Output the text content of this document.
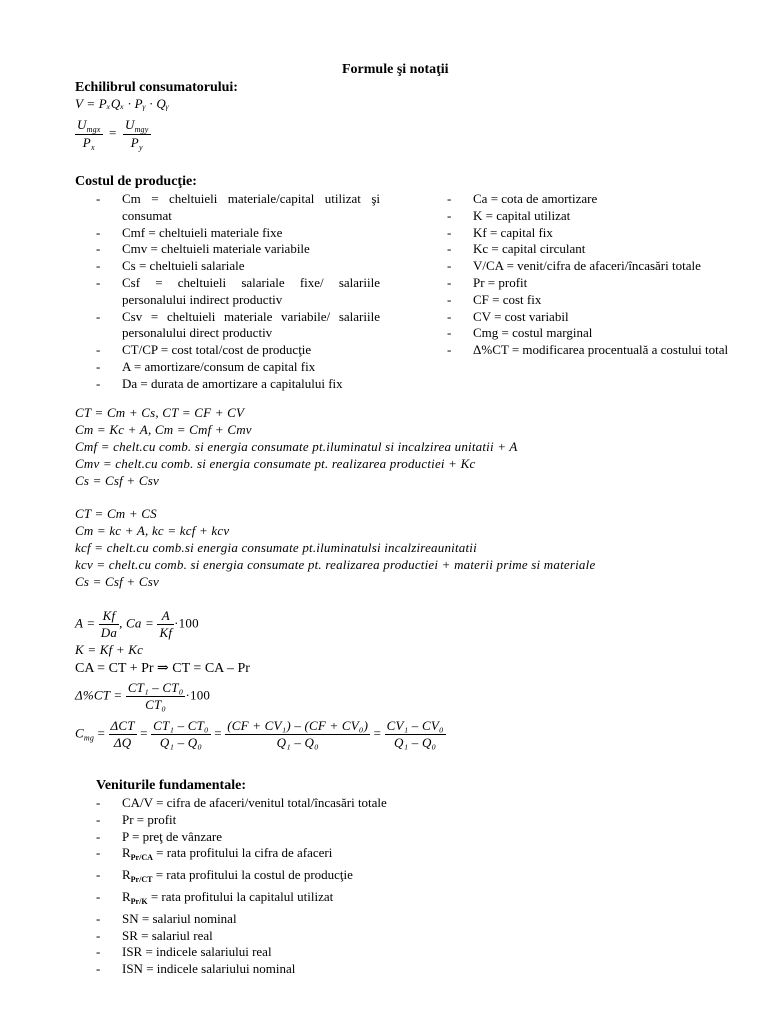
Formule şi notaţii
Echilibrul consumatorului:
V = PₓQₓ · Pᵧ · Qᵧ
$\frac{U_{mgx}}{P_x} = \frac{U_{mgy}}{P_y}$
Costul de producţie:
- Cm = cheltuieli materiale/capital utilizat şi consumat
- Cmf = cheltuieli materiale fixe
- Cmv = cheltuieli materiale variabile
- Cs = cheltuieli salariale
- Csf = cheltuieli salariale fixe/ salariile personalului indirect productiv
- Csv = cheltuieli materiale variabile/ salariile personalului direct productiv
- CT/CP = cost total/cost de producţie
- A = amortizare/consum de capital fix
- Da = durata de amortizare a capitalului fix
- Ca = cota de amortizare
- K = capital utilizat
- Kf = capital fix
- Kc = capital circulant
- V/CA = venit/cifra de afaceri/încasări totale
- Pr = profit
- CF = cost fix
- CV = cost variabil
- Cmg = costul marginal
- Δ%CT = modificarea procentuală a costului total
CT = Cm + Cs, CT = CF + CV
Cm = Kc + A, Cm = Cmf + Cmv
Cmf = chelt.cu comb. si energia consumate pt.iluminatul si incalzirea unitatii + A
Cmv = chelt.cu comb. si energia consumate pt. realizarea productiei + Kc
Cs = Csf + Csv
CT = Cm + CS
Cm = kc + A, kc = kcf + kcv
kcf = chelt.cu comb.si energia consumate pt.iluminatulsi incalzireaunitatii
kcv = chelt.cu comb. si energia consumate pt. realizarea productiei + materii prime si materiale
Cs = Csf + Csv
$A = \frac{Kf}{Da}$ , $Ca = \frac{A}{Kf} \cdot 100$
K = Kf + Kc
CA = CT + Pr ⇒ CT = CA – Pr
$\Delta\%CT = \frac{\text{CT₁ – CT₀}}{\text{CT₀}} \cdot 100$
$C_{mg} = \frac{\text{ΔCT}}{\Delta Q} = \frac{\text{CT₁ – CT₀}}{\text{Q₁ – Q₀}} = \frac{\text{(CF + CV₁) – (CF + CV₀)}}{\text{Q₁ – Q₀}} = \frac{\text{CV₁ – CV₀}}{\text{Q₁ – Q₀}}$
Veniturile fundamentale:
- CA/V = cifra de afaceri/venitul total/încasări totale
- Pr = profit
- P = preţ de vânzare
- $R_{Pr/CA}$ = rata profitului la cifra de afaceri
- $R_{Pr/CT}$ = rata profitului la costul de producţie
- $R_{Pr/K}$ = rata profitului la capitalul utilizat
- SN = salariul nominal
- SR = salariul real
- ISR = indicele salariului real
- ISN = indicele salariului nominal
